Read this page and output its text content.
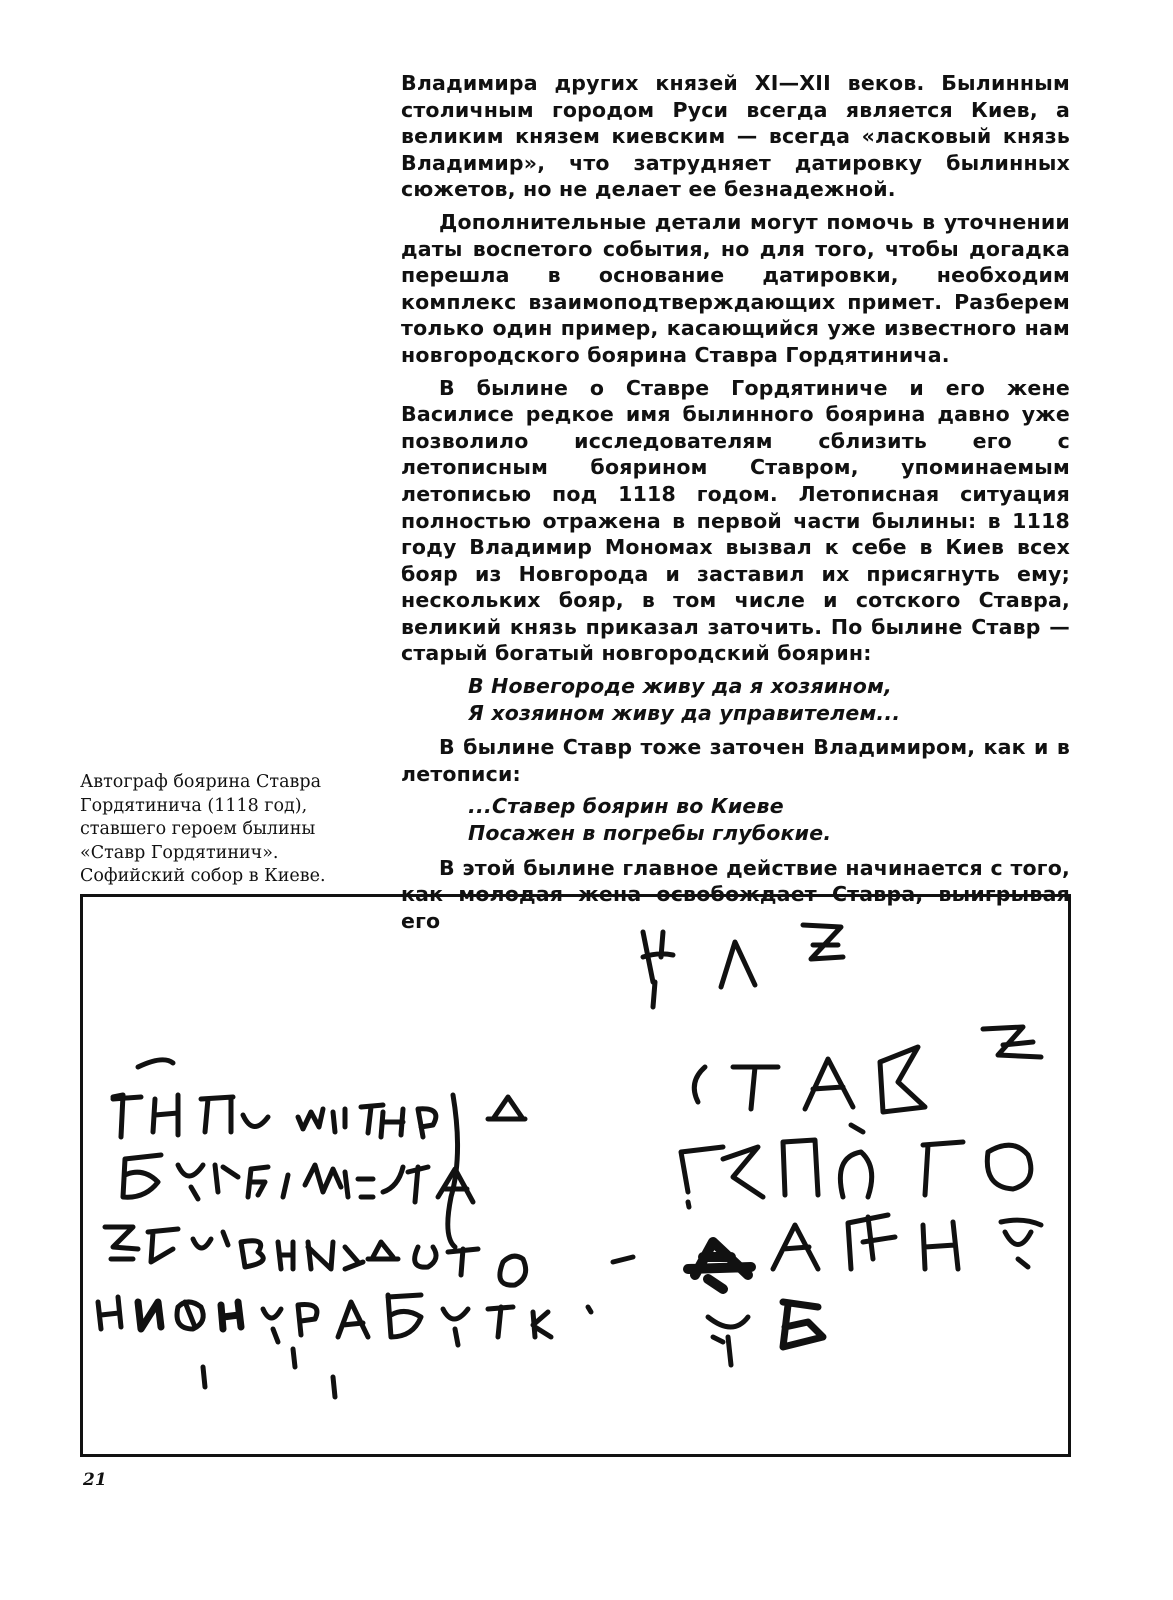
Владимира других князей XI—XII веков. Былинным столичным городом Руси всегда является Киев, а великим князем киевским — всегда «ласковый князь Владимир», что затрудняет датировку былинных сюжетов, но не делает ее безнадежной.

Дополнительные детали могут помочь в уточнении даты воспетого события, но для того, чтобы догадка перешла в основание датировки, необходим комплекс взаимоподтверждающих примет. Разберем только один пример, касающийся уже известного нам новгородского боярина Ставра Гордятинича.

В былине о Ставре Гордятиниче и его жене Василисе редкое имя былинного боярина давно уже позволило исследователям сблизить его с летописным боярином Ставром, упоминаемым летописью под 1118 годом. Летописная ситуация полностью отражена в первой части былины: в 1118 году Владимир Мономах вызвал к себе в Киев всех бояр из Новгорода и заставил их присягнуть ему; нескольких бояр, в том числе и сотского Ставра, великий князь приказал заточить. По былине Ставр — старый богатый новгородский боярин:

В Новегороде живу да я хозяином,
Я хозяином живу да управителем...

В былине Ставр тоже заточен Владимиром, как и в летописи:

...Ставер боярин во Киеве
Посажен в погребы глубокие.

В этой былине главное действие начинается с того, как молодая жена освобождает Ставра, выигрывая его

Автограф боярина Ставра
Гордятинича (1118 год),
ставшего героем былины
«Ставр Гордятинич».
Софийский собор в Киеве.
21
